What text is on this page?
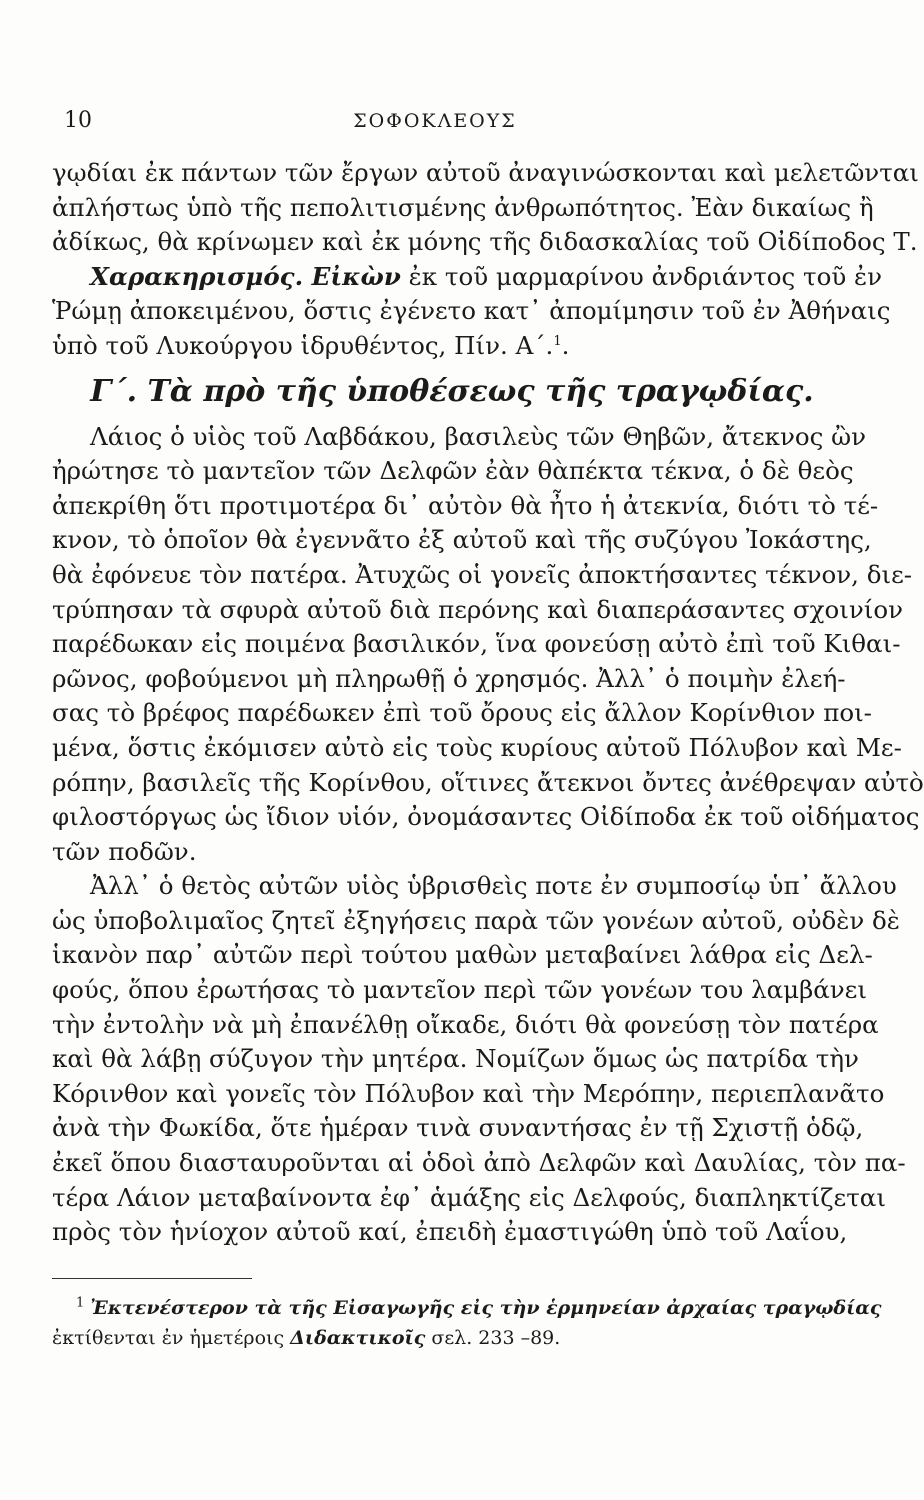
10	ΣΟΦΟΚΛΕΟΥΣ
γῳδίαι ἐκ πάντων τῶν ἔργων αὐτοῦ ἀναγινώσκονται καὶ μελετῶνται
ἀπλήστως ὑπὸ τῆς πεπολιτισμένης ἀνθρωπότητος. Ἐὰν δικαίως ἢ
ἀδίκως, θὰ κρίνωμεν καὶ ἐκ μόνης τῆς διδασκαλίας τοῦ Οἰδίποδος Τ.
Χαρακηρισμός. Εἰκὼν ἐκ τοῦ μαρμαρίνου ἀνδριάντος τοῦ ἐν
Ῥώμῃ ἀποκειμένου, ὅστις ἐγένετο κατ᾽ ἀπομίμησιν τοῦ ἐν Ἀθήναις
ὑπὸ τοῦ Λυκούργου ἱδρυθέντος, Πίν. Α΄.$^1$.
Γ΄. Τὰ πρὸ τῆς ὑποθέσεως τῆς τραγῳδίας.
Λάιος ὁ υἱὸς τοῦ Λαβδάκου, βασιλεὺς τῶν Θηβῶν, ἄτεκνος ὢν
ἠρώτησε τὸ μαντεῖον τῶν Δελφῶν ἐὰν θὰπέκτα τέκνα, ὁ δὲ θεὸς
ἀπεκρίθη ὅτι προτιμοτέρα δι᾽ αὐτὸν θὰ ἦτο ἡ ἀτεκνία, διότι τὸ τέ-
κνον, τὸ ὁποῖον θὰ ἐγεννᾶτο ἐξ αὐτοῦ καὶ τῆς συζύγου Ἰοκάστης,
θὰ ἐφόνευε τὸν πατέρα. Ἀτυχῶς οἱ γονεῖς ἀποκτήσαντες τέκνον, διε-
τρύπησαν τὰ σφυρὰ αὐτοῦ διὰ περόνης καὶ διαπεράσαντες σχοινίον
παρέδωκαν εἰς ποιμένα βασιλικόν, ἵνα φονεύσῃ αὐτὸ ἐπὶ τοῦ Κιθαι-
ρῶνος, φοβούμενοι μὴ πληρωθῇ ὁ χρησμός. Ἀλλ᾽ ὁ ποιμὴν ἐλεή-
σας τὸ βρέφος παρέδωκεν ἐπὶ τοῦ ὄρους εἰς ἄλλον Κορίνθιον ποι-
μένα, ὅστις ἐκόμισεν αὐτὸ εἰς τοὺς κυρίους αὐτοῦ Πόλυβον καὶ Με-
ρόπην, βασιλεῖς τῆς Κορίνθου, οἵτινες ἄτεκνοι ὄντες ἀνέθρεψαν αὐτὸ
φιλοστόργως ὡς ἴδιον υἱόν, ὀνομάσαντες Οἰδίποδα ἐκ τοῦ οἰδήματος
τῶν ποδῶν.
Ἀλλ᾽ ὁ θετὸς αὐτῶν υἱὸς ὑβρισθεὶς ποτε ἐν συμποσίῳ ὑπ᾽ ἄλλου
ὡς ὑποβολιμαῖος ζητεῖ ἐξηγήσεις παρὰ τῶν γονέων αὐτοῦ, οὐδὲν δὲ
ἱκανὸν παρ᾽ αὐτῶν περὶ τούτου μαθὼν μεταβαίνει λάθρα εἰς Δελ-
φούς, ὅπου ἐρωτήσας τὸ μαντεῖον περὶ τῶν γονέων του λαμβάνει
τὴν ἐντολὴν νὰ μὴ ἐπανέλθῃ οἴκαδε, διότι θὰ φονεύσῃ τὸν πατέρα
καὶ θὰ λάβῃ σύζυγον τὴν μητέρα. Νομίζων ὅμως ὡς πατρίδα τὴν
Κόρινθον καὶ γονεῖς τὸν Πόλυβον καὶ τὴν Μερόπην, περιεπλανᾶτο
ἀνὰ τὴν Φωκίδα, ὅτε ἡμέραν τινὰ συναντήσας ἐν τῇ Σχιστῇ ὁδῷ,
ἐκεῖ ὅπου διασταυροῦνται αἱ ὁδοὶ ἀπὸ Δελφῶν καὶ Δαυλίας, τὸν πα-
τέρα Λάιον μεταβαίνοντα ἐφ᾽ ἁμάξης εἰς Δελφούς, διαπληκτίζεται
πρὸς τὸν ἡνίοχον αὐτοῦ καί, ἐπειδὴ ἐμαστιγώθη ὑπὸ τοῦ Λαΐου,
$^1$ Ἐκτενέστερον τὰ τῆς Εἰσαγωγῆς εἰς τὴν ἑρμηνείαν ἀρχαίας τραγῳδίας
ἐκτίθενται ἐν ἡμετέροις Διδακτικοῖς σελ. 233 –89.
